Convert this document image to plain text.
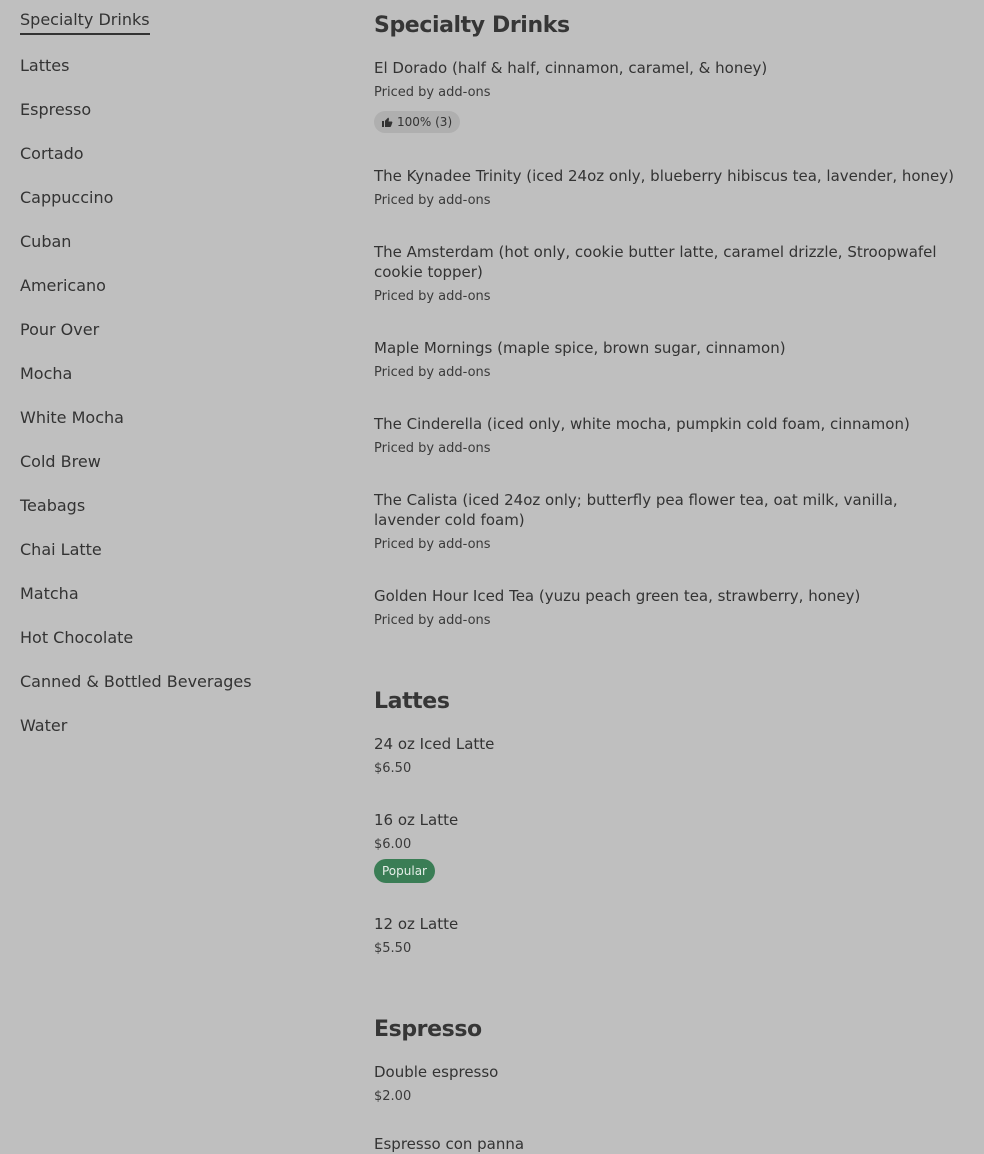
Specialty Drinks
Lattes
Espresso
Cortado
Cappuccino
Cuban
Americano
Pour Over
Mocha
White Mocha
Cold Brew
Teabags
Chai Latte
Matcha
Hot Chocolate
Canned & Bottled Beverages
Water
Specialty Drinks
El Dorado (half & half, cinnamon, caramel, & honey)
Priced by add-ons
100% (3)
The Kynadee Trinity (iced 24oz only, blueberry hibiscus tea, lavender, honey)
Priced by add-ons
The Amsterdam (hot only, cookie butter latte, caramel drizzle, Stroopwafel cookie topper)
Priced by add-ons
Maple Mornings (maple spice, brown sugar, cinnamon)
Priced by add-ons
The Cinderella (iced only, white mocha, pumpkin cold foam, cinnamon)
Priced by add-ons
The Calista (iced 24oz only; butterfly pea flower tea, oat milk, vanilla, lavender cold foam)
Priced by add-ons
Golden Hour Iced Tea (yuzu peach green tea, strawberry, honey)
Priced by add-ons
Lattes
24 oz Iced Latte
$6.50
16 oz Latte
$6.00
Popular
12 oz Latte
$5.50
Espresso
Double espresso
$2.00
Espresso con panna
